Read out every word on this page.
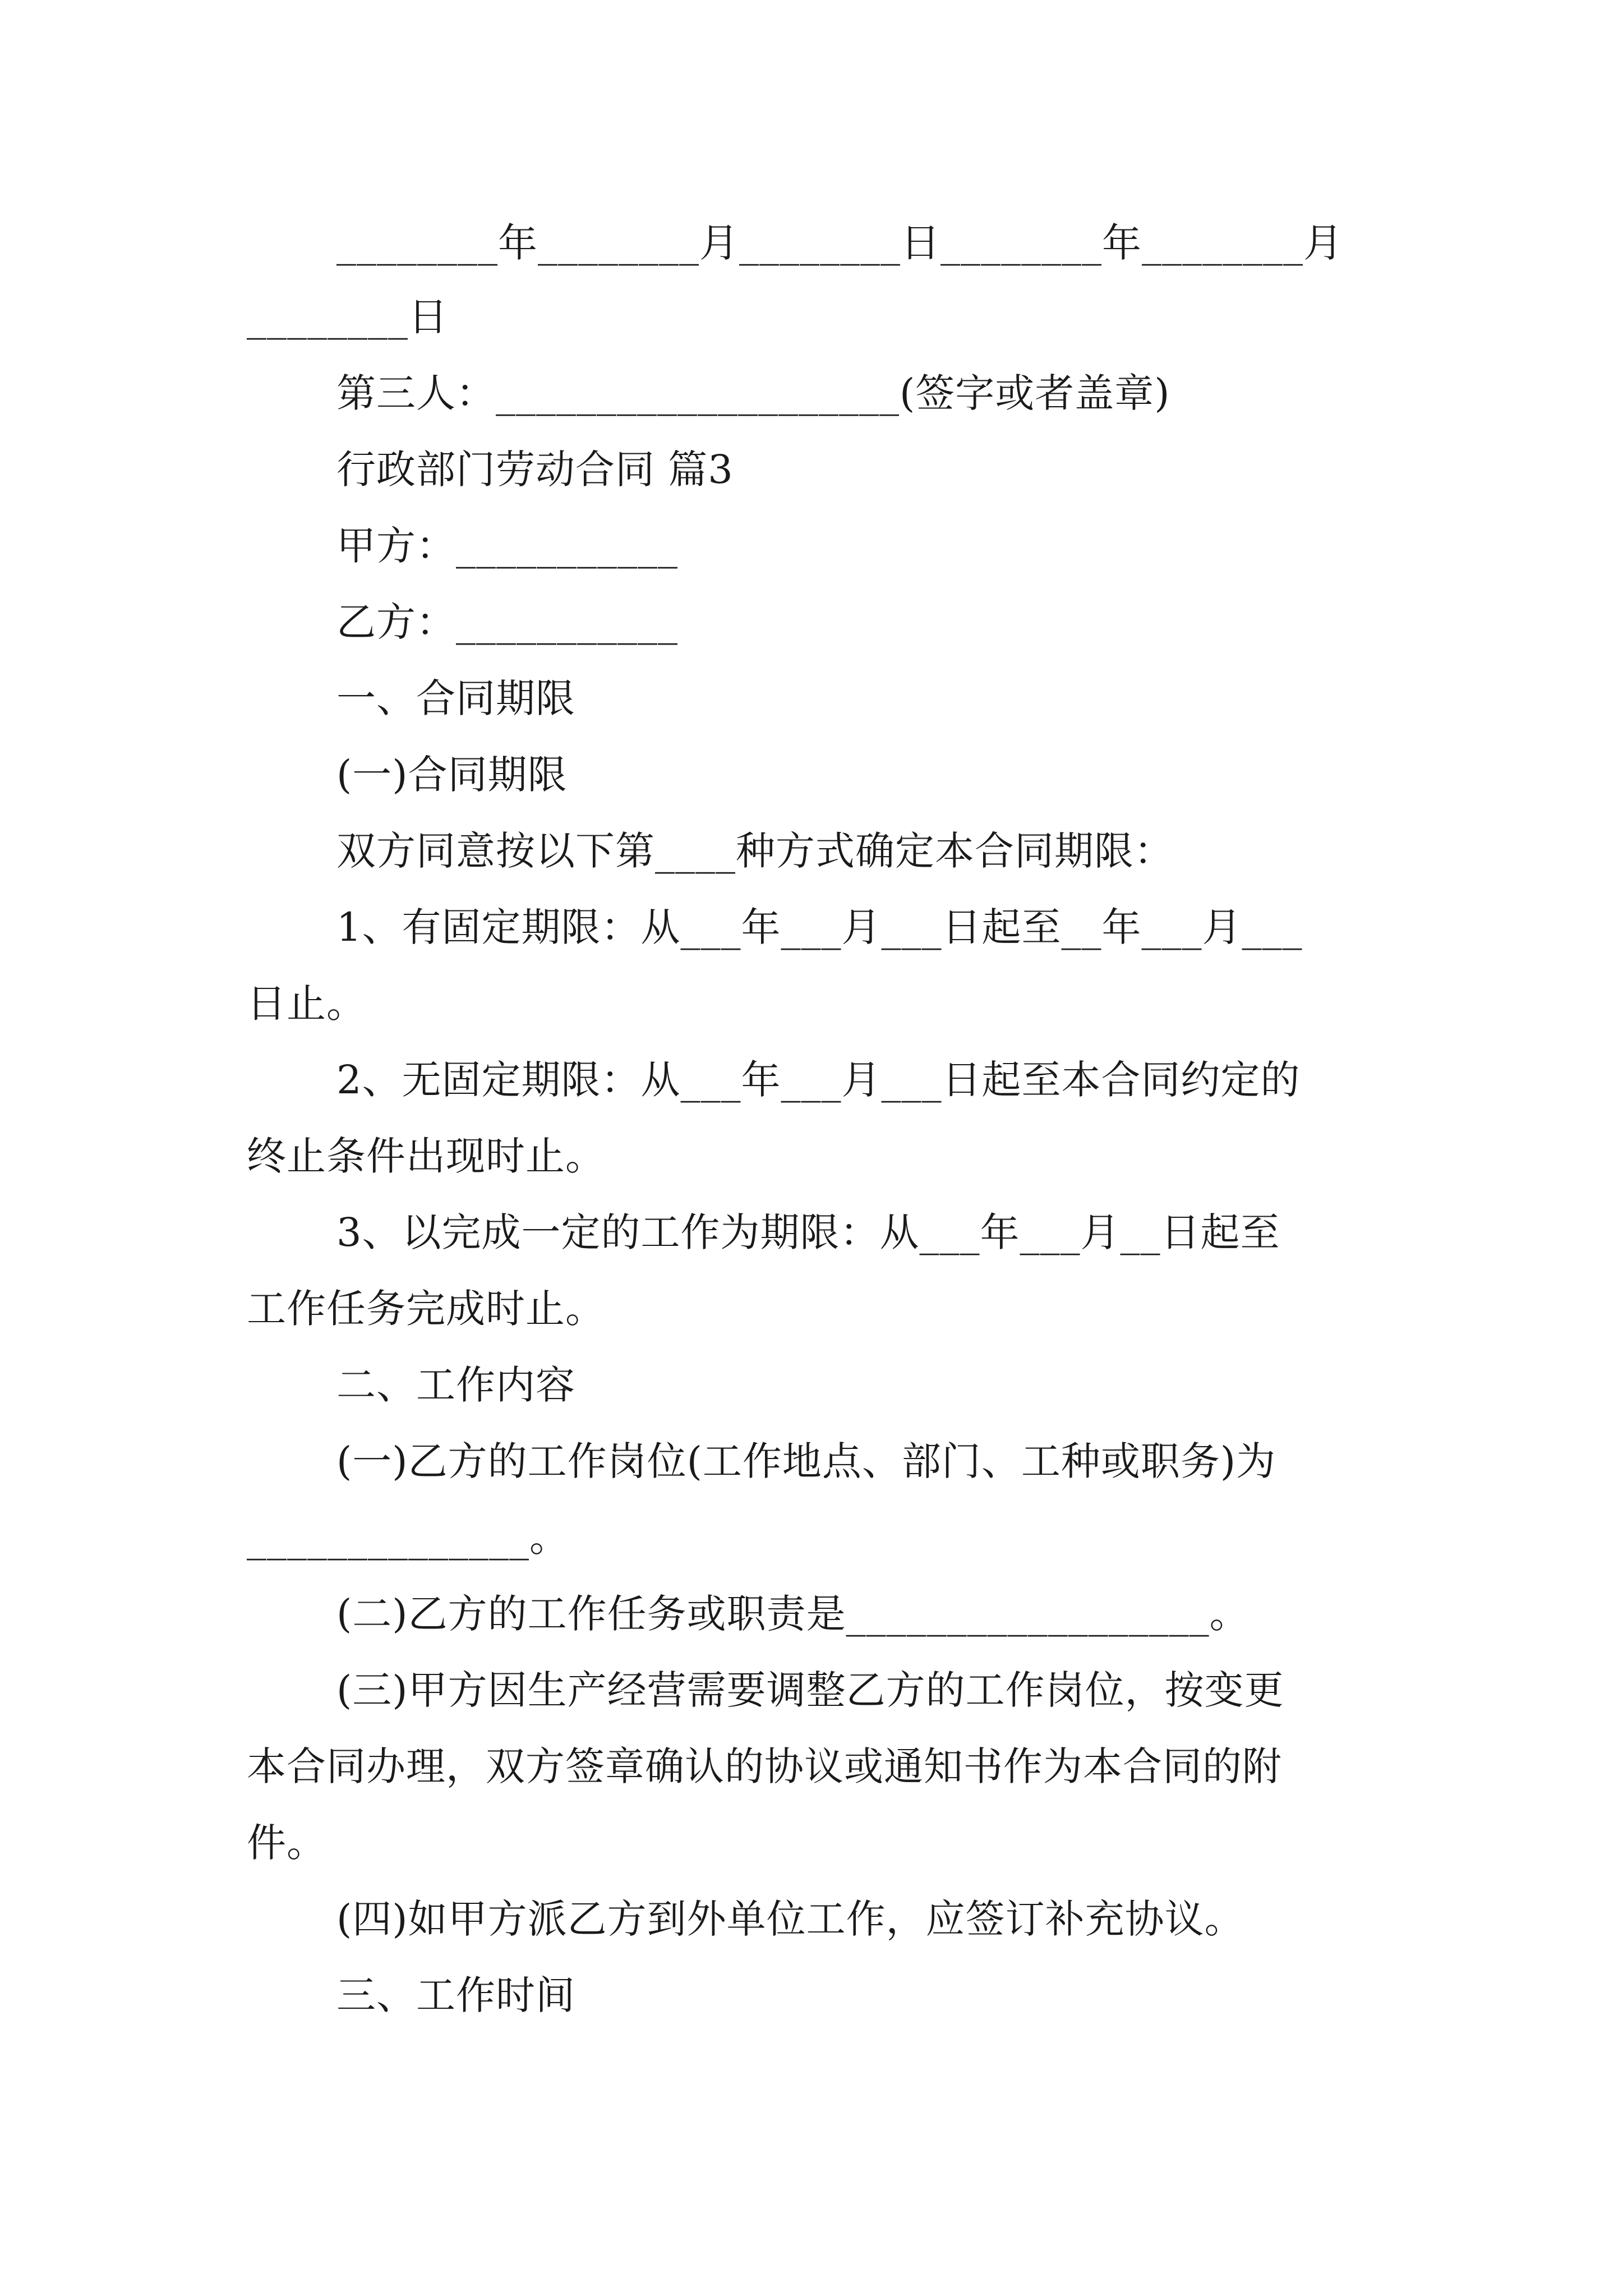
________年________月________日________年________月
________日
第三人：____________________(签字或者盖章)
行政部门劳动合同 篇3
甲方：___________
乙方：___________
一、合同期限
(一)合同期限
双方同意按以下第____种方式确定本合同期限：
1、有固定期限：从___年___月___日起至__年___月___
日止。
2、无固定期限：从___年___月___日起至本合同约定的
终止条件出现时止。
3、以完成一定的工作为期限：从___年___月__日起至
工作任务完成时止。
二、工作内容
(一)乙方的工作岗位(工作地点、部门、工种或职务)为
______________。
(二)乙方的工作任务或职责是__________________。
(三)甲方因生产经营需要调整乙方的工作岗位，按变更
本合同办理，双方签章确认的协议或通知书作为本合同的附
件。
(四)如甲方派乙方到外单位工作，应签订补充协议。
三、工作时间
